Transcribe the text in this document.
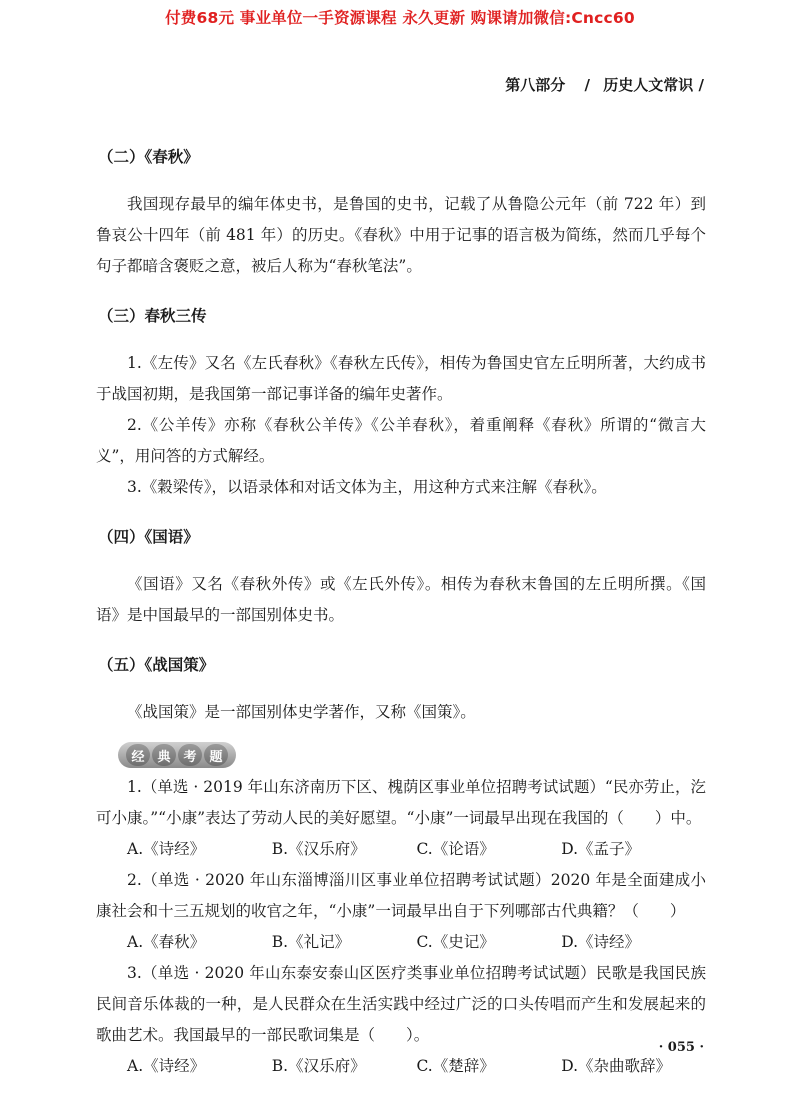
付费68元 事业单位一手资源课程 永久更新 购课请加微信:Cncc60
第八部分 / 历史人文常识 /
（二）《春秋》

我国现存最早的编年体史书，是鲁国的史书，记载了从鲁隐公元年（前 722 年）到鲁哀公十四年（前 481 年）的历史。《春秋》中用于记事的语言极为简练，然而几乎每个句子都暗含褒贬之意，被后人称为“春秋笔法”。

（三）春秋三传

1.《左传》又名《左氏春秋》《春秋左氏传》，相传为鲁国史官左丘明所著，大约成书于战国初期，是我国第一部记事详备的编年史著作。

2.《公羊传》亦称《春秋公羊传》《公羊春秋》，着重阐释《春秋》所谓的“微言大义”，用问答的方式解经。

3.《穀梁传》，以语录体和对话文体为主，用这种方式来注解《春秋》。

（四）《国语》

《国语》又名《春秋外传》或《左氏外传》。相传为春秋末鲁国的左丘明所撰。《国语》是中国最早的一部国别体史书。

（五）《战国策》

《战国策》是一部国别体史学著作，又称《国策》。

经 典 考 题

1.（单选 · 2019 年山东济南历下区、槐荫区事业单位招聘考试试题）“民亦劳止，汔可小康。”“小康”表达了劳动人民的美好愿望。“小康”一词最早出现在我国的（　　）中。

A.《诗经》	B.《汉乐府》	C.《论语》	D.《孟子》

2.（单选 · 2020 年山东淄博淄川区事业单位招聘考试试题）2020 年是全面建成小康社会和十三五规划的收官之年，“小康”一词最早出自于下列哪部古代典籍？（　　）

A.《春秋》	B.《礼记》	C.《史记》	D.《诗经》

3.（单选 · 2020 年山东泰安泰山区医疗类事业单位招聘考试试题）民歌是我国民族民间音乐体裁的一种，是人民群众在生活实践中经过广泛的口头传唱而产生和发展起来的歌曲艺术。我国最早的一部民歌词集是（　　）。

A.《诗经》	B.《汉乐府》	C.《楚辞》	D.《杂曲歌辞》
· 055 ·
